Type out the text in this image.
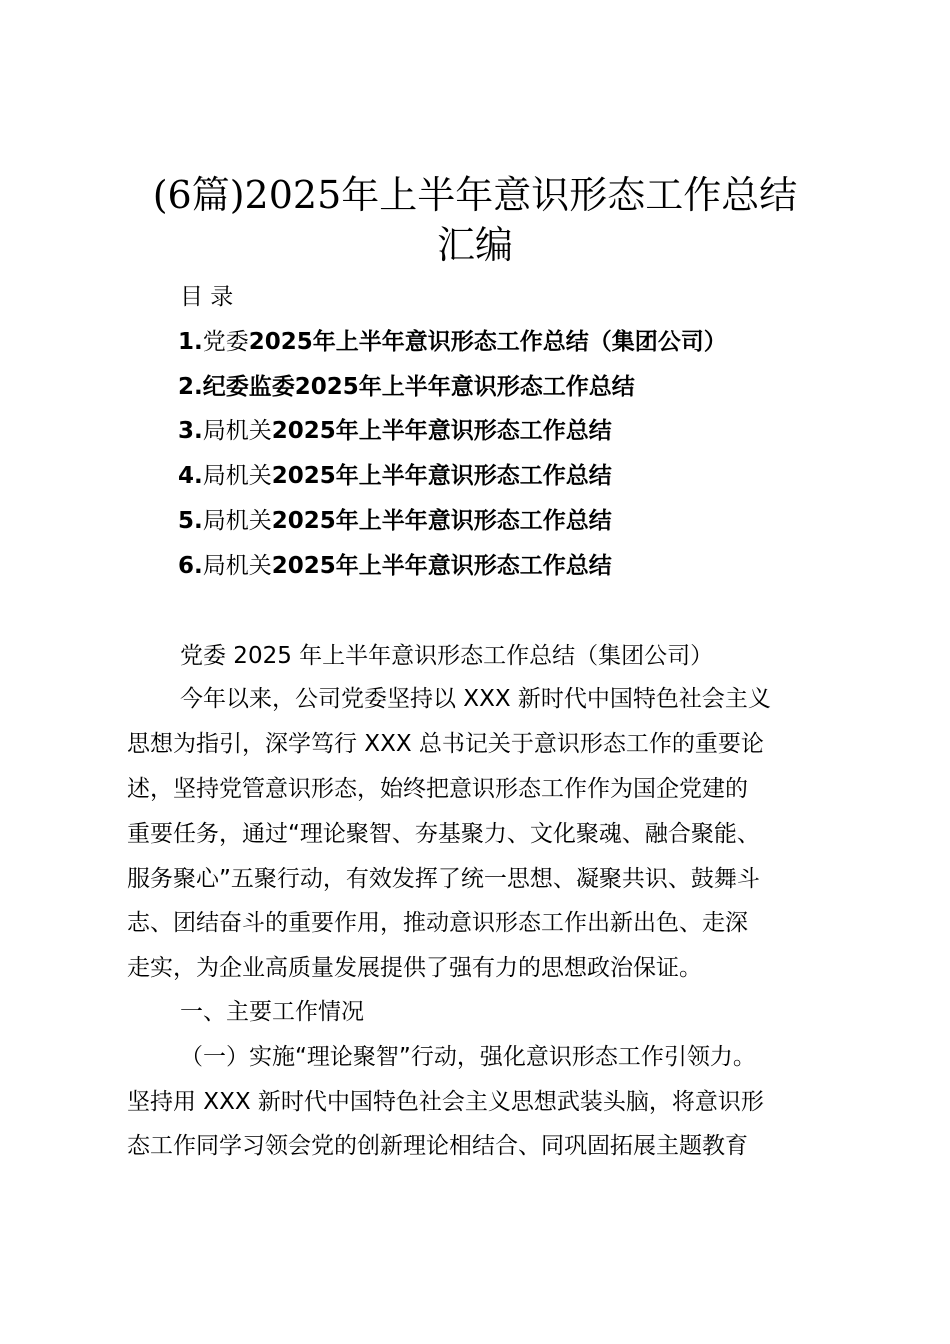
(6篇)2025年上半年意识形态工作总结
汇编
目 录
1.党委2025年上半年意识形态工作总结（集团公司）
2.纪委监委2025年上半年意识形态工作总结
3.局机关2025年上半年意识形态工作总结
4.局机关2025年上半年意识形态工作总结
5.局机关2025年上半年意识形态工作总结
6.局机关2025年上半年意识形态工作总结
党委 2025 年上半年意识形态工作总结（集团公司）
今年以来，公司党委坚持以 XXX 新时代中国特色社会主义
思想为指引，深学笃行 XXX 总书记关于意识形态工作的重要论
述，坚持党管意识形态，始终把意识形态工作作为国企党建的
重要任务，通过“理论聚智、夯基聚力、文化聚魂、融合聚能、
服务聚心”五聚行动，有效发挥了统一思想、凝聚共识、鼓舞斗
志、团结奋斗的重要作用，推动意识形态工作出新出色、走深
走实，为企业高质量发展提供了强有力的思想政治保证。
一、主要工作情况
（一）实施“理论聚智”行动，强化意识形态工作引领力。
坚持用 XXX 新时代中国特色社会主义思想武装头脑，将意识形
态工作同学习领会党的创新理论相结合、同巩固拓展主题教育
